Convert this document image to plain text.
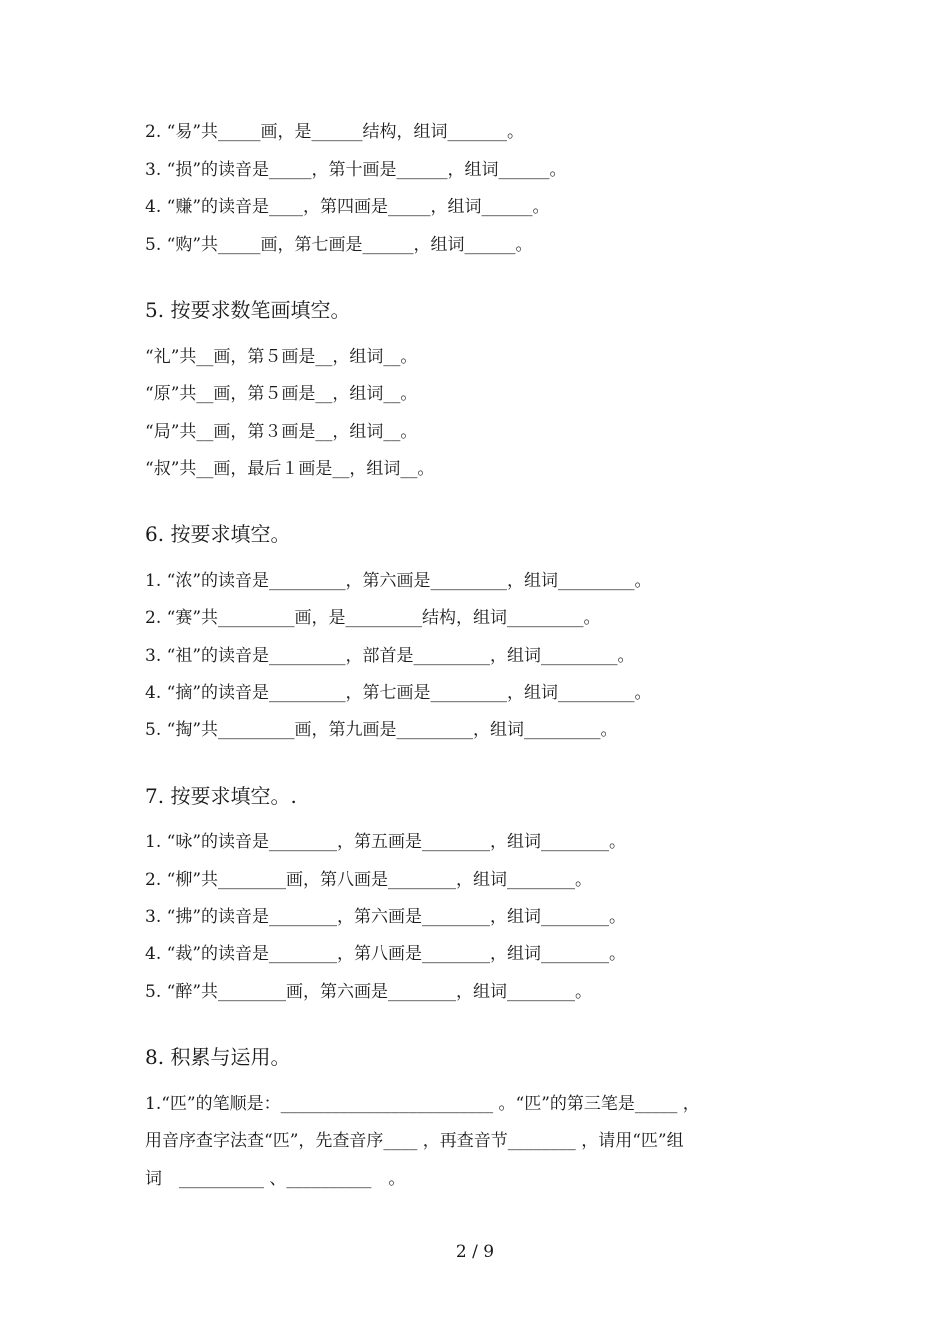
2. “易”共_____画，是______结构，组词_______。
3. “损”的读音是_____，第十画是______，组词______。
4. “赚”的读音是____，第四画是_____，组词______。
5. “购”共_____画，第七画是______，组词______。
5. 按要求数笔画填空。
“礼”共__画，第５画是__，组词__。
“原”共__画，第５画是__，组词__。
“局”共__画，第３画是__，组词__。
“叔”共__画，最后１画是__，组词__。
6. 按要求填空。
1. “浓”的读音是_________，第六画是_________，组词_________。
2. “赛”共_________画，是_________结构，组词_________。
3. “祖”的读音是_________，部首是_________，组词_________。
4. “摘”的读音是_________，第七画是_________，组词_________。
5. “掏”共_________画，第九画是_________，组词_________。
7. 按要求填空。.
1. “咏”的读音是________，第五画是________，组词________。
2. “柳”共________画，第八画是________，组词________。
3. “拂”的读音是________，第六画是________，组词________。
4. “裁”的读音是________，第八画是________，组词________。
5. “醉”共________画，第六画是________，组词________。
8. 积累与运用。
1.“匹”的笔顺是：_________________________ 。“匹”的第三笔是_____ ，
用音序查字法查“匹”，先查音序____ ，再查音节________ ，请用“匹”组
词　__________ 、__________　。
2 / 9
